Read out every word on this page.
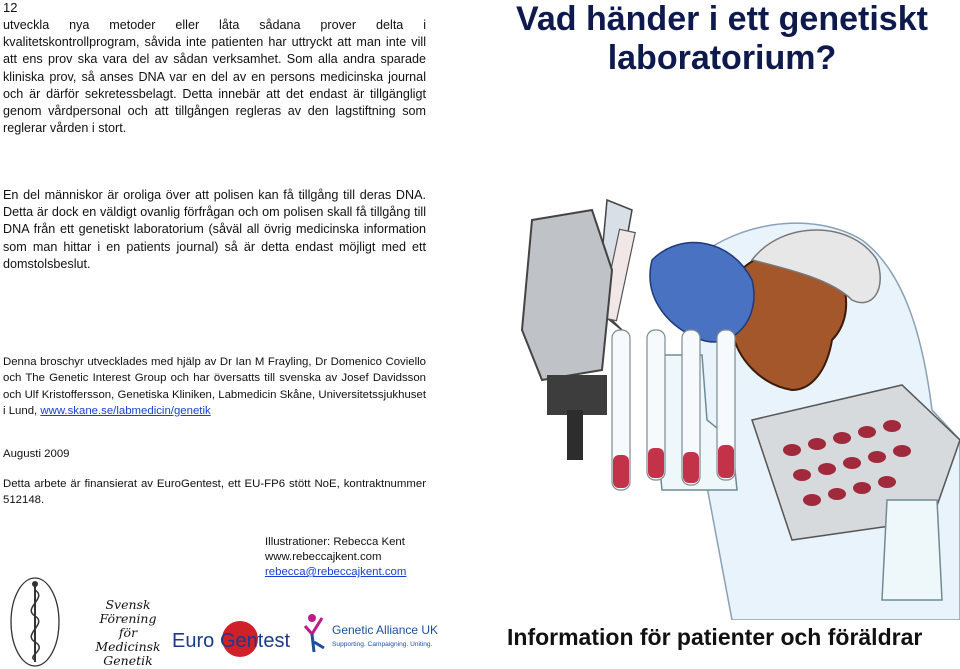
12

utveckla nya metoder eller låta sådana prover delta i kvalitetskontrollprogram, såvida inte patienten har uttryckt att man inte vill att ens prov ska vara del av sådan verksamhet. Som alla andra sparade kliniska prov, så anses DNA var en del av en persons medicinska journal och är därför sekretessbelagt. Detta innebär att det endast är tillgängligt genom vårdpersonal och att tillgången regleras av den lagstiftning som reglerar vården i stort.

En del människor är oroliga över att polisen kan få tillgång till deras DNA. Detta är dock en väldigt ovanlig förfrågan och om polisen skall få tillgång till DNA från ett genetiskt laboratorium (såväl all övrig medicinska information som man hittar i en patients journal) så är detta endast möjligt med ett domstolsbeslut.

Vad händer i ett genetiskt laboratorium?

Denna broschyr utvecklades med hjälp av Dr Ian M Frayling, Dr Domenico Coviello och The Genetic Interest Group och har översatts till svenska av Josef Davidsson och Ulf Kristoffersson, Genetiska Kliniken, Labmedicin Skåne, Universitetssjukhuset i Lund, www.skane.se/labmedicin/genetik

Augusti 2009

Detta arbete är finansierat av EuroGentest, ett EU-FP6 stött NoE, kontraktnummer 512148.

Illustrationer: Rebecca Kent
www.rebeccajkent.com
rebecca@rebeccajkent.com
Svensk Förening
för
Medicinsk
Genetik
Euro Gentest	Genetic Alliance UK
Supporting. Campaigning. Uniting.	Information för patienter och föräldrar
